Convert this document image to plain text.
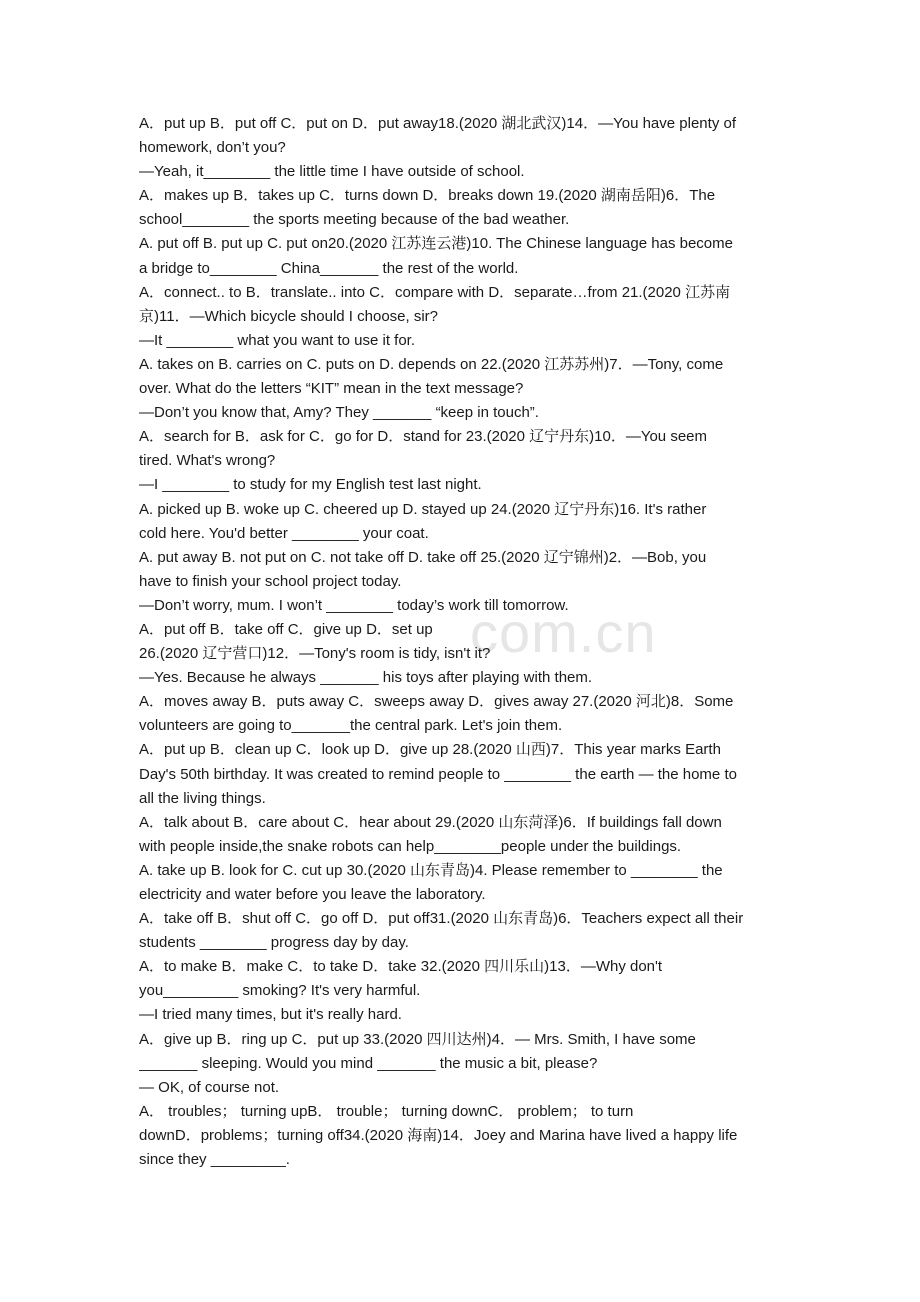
com.cn
A．put up B．put off C．put on D．put away18.(2020 湖北武汉)14．—You have plenty of
homework, don’t you?
—Yeah, it________ the little time I have outside of school.
A．makes up B．takes up C．turns down D．breaks down 19.(2020 湖南岳阳)6．The
school________ the sports meeting because of the bad weather.
A. put off B. put up C. put on20.(2020 江苏连云港)10. The Chinese language has become
a bridge to________ China_______ the rest of the world.
A．connect.. to B．translate.. into C．compare with D．separate…from 21.(2020 江苏南
京)11．—Which bicycle should I choose, sir?
—It ________ what you want to use it for.
A. takes on B. carries on C. puts on D. depends on 22.(2020 江苏苏州)7．—Tony, come
over. What do the letters “KIT” mean in the text message?
—Don’t you know that, Amy? They _______ “keep in touch”.
A．search for B．ask for C．go for D．stand for 23.(2020 辽宁丹东)10．—You seem
tired. What's wrong?
—I ________ to study for my English test last night.
A. picked up B. woke up C. cheered up D. stayed up 24.(2020 辽宁丹东)16. It's rather
cold here. You'd better ________ your coat.
A. put away B. not put on C. not take off D. take off 25.(2020 辽宁锦州)2．—Bob, you
have to finish your school project today.
—Don’t worry, mum. I won’t ________ today’s work till tomorrow.
A．put off B．take off C．give up D．set up
26.(2020 辽宁营口)12．—Tony's room is tidy, isn't it?
—Yes. Because he always _______ his toys after playing with them.
A．moves away B．puts away C．sweeps away D．gives away 27.(2020 河北)8．Some
volunteers are going to_______the central park. Let's join them.
A．put up B．clean up C．look up D．give up 28.(2020 山西)7．This year marks Earth
Day's 50th birthday. It was created to remind people to ________ the earth — the home to
all the living things.
A．talk about B．care about C．hear about 29.(2020 山东菏泽)6．If buildings fall down
with people inside,the snake robots can help________people under the buildings.
A. take up B. look for C. cut up 30.(2020 山东青岛)4. Please remember to ________ the
electricity and water before you leave the laboratory.
A．take off B．shut off C．go off D．put off31.(2020 山东青岛)6．Teachers expect all their
students ________ progress day by day.
A．to make B．make C．to take D．take 32.(2020 四川乐山)13．—Why don't
you_________ smoking? It's very harmful.
—I tried many times, but it's really hard.
A．give up B．ring up C．put up 33.(2020 四川达州)4．— Mrs. Smith, I have some
_______ sleeping. Would you mind _______ the music a bit, please?
— OK, of course not.
A． troubles； turning upB． trouble； turning downC． problem； to turn
downD．problems；turning off34.(2020 海南)14．Joey and Marina have lived a happy life
since they _________.
